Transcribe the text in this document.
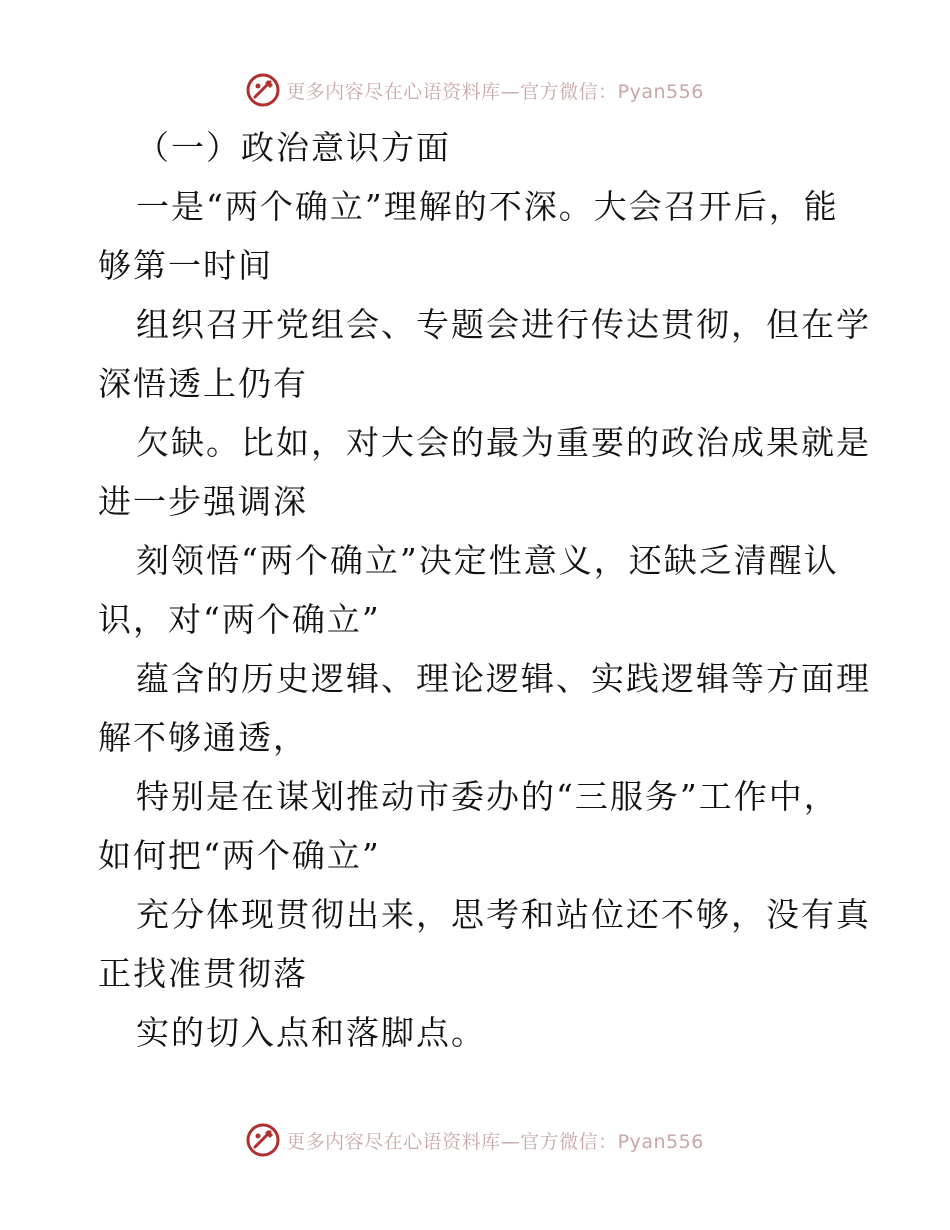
更多内容尽在心语资料库—官方微信：Pyan556
（一）政治意识方面
一是“两个确立”理解的不深。大会召开后，能
够第一时间
组织召开党组会、专题会进行传达贯彻，但在学
深悟透上仍有
欠缺。比如，对大会的最为重要的政治成果就是
进一步强调深
刻领悟“两个确立”决定性意义，还缺乏清醒认
识，对“两个确立”
蕴含的历史逻辑、理论逻辑、实践逻辑等方面理
解不够通透，
特别是在谋划推动市委办的“三服务”工作中，
如何把“两个确立”
充分体现贯彻出来，思考和站位还不够，没有真
正找准贯彻落
实的切入点和落脚点。
更多内容尽在心语资料库—官方微信：Pyan556
